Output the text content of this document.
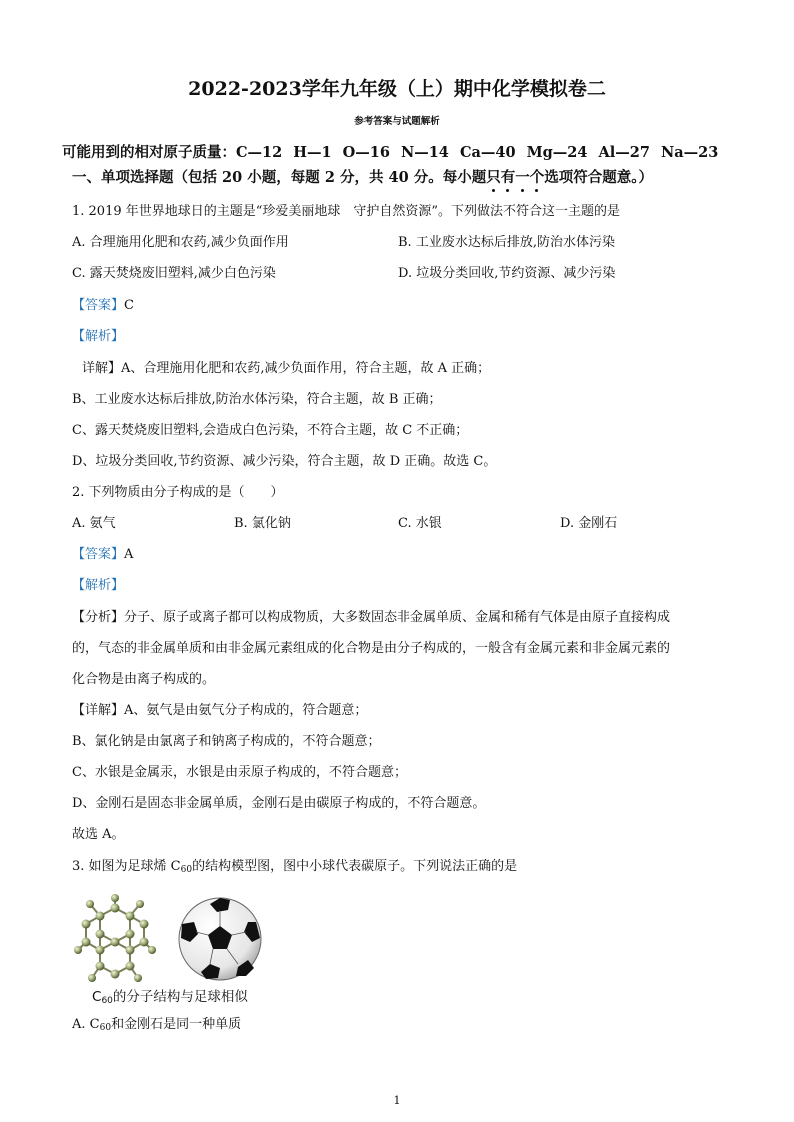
2022-2023学年九年级（上）期中化学模拟卷二
参考答案与试题解析
可能用到的相对原子质量：C—12 H—1 O—16 N—14 Ca—40 Mg—24 Al—27 Na—23
一、单项选择题（包括 20 小题，每题 2 分，共 40 分。每小题只有一个选项符合题意。）
1. 2019 年世界地球日的主题是“珍爱美丽地球　守护自然资源”。下列做法不符合这一主题的是
A. 合理施用化肥和农药,减少负面作用	B. 工业废水达标后排放,防治水体污染
C. 露天焚烧废旧塑料,减少白色污染	D. 垃圾分类回收,节约资源、减少污染
【答案】C
【解析】
详解】A、合理施用化肥和农药,减少负面作用，符合主题，故 A 正确；
B、工业废水达标后排放,防治水体污染，符合主题，故 B 正确；
C、露天焚烧废旧塑料,会造成白色污染，不符合主题，故 C 不正确；
D、垃圾分类回收,节约资源、减少污染，符合主题，故 D 正确。故选 C。
2. 下列物质由分子构成的是（　　）
A. 氨气	B. 氯化钠	C. 水银	D. 金刚石
【答案】A
【解析】
【分析】分子、原子或离子都可以构成物质，大多数固态非金属单质、金属和稀有气体是由原子直接构成
的，气态的非金属单质和由非金属元素组成的化合物是由分子构成的，一般含有金属元素和非金属元素的
化合物是由离子构成的。
【详解】A、氨气是由氨气分子构成的，符合题意；
B、氯化钠是由氯离子和钠离子构成的，不符合题意；
C、水银是金属汞，水银是由汞原子构成的，不符合题意；
D、金刚石是固态非金属单质，金刚石是由碳原子构成的，不符合题意。
故选 A。
3. 如图为足球烯 $C_{60}$的结构模型图，图中小球代表碳原子。下列说法正确的是
$C_{60}$的分子结构与足球相似
A. $C_{60}$和金刚石是同一种单质
1
